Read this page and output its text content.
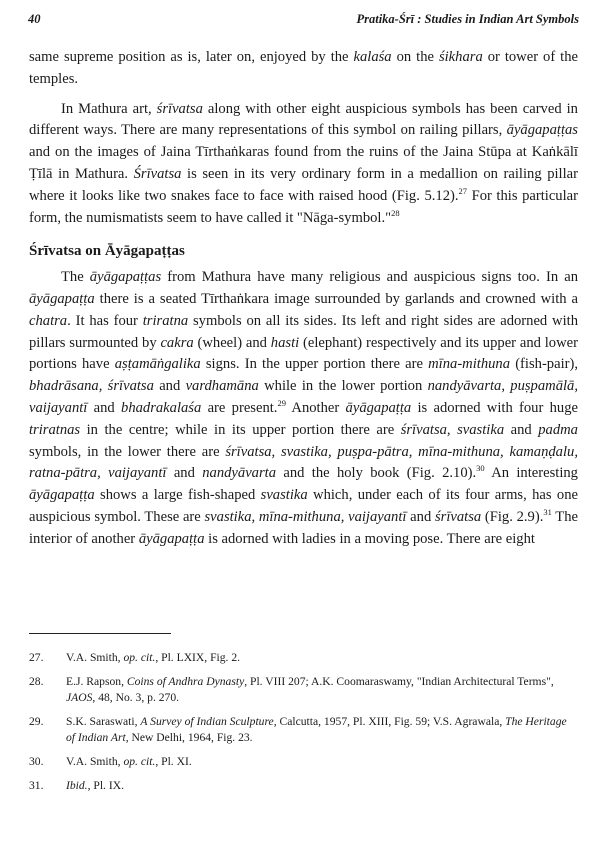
40	Pratika-Śrī : Studies in Indian Art Symbols

same supreme position as is, later on, enjoyed by the kalaśa on the śikhara or tower of the temples.

In Mathura art, śrīvatsa along with other eight auspicious symbols has been carved in different ways. There are many representations of this symbol on railing pillars, āyāgapaṭṭas and on the images of Jaina Tīrthaṅkaras found from the ruins of the Jaina Stūpa at Kaṅkālī Ṭīlā in Mathura. Śrīvatsa is seen in its very ordinary form in a medallion on railing pillar where it looks like two snakes face to face with raised hood (Fig. 5.12).$^{27}$ For this particular form, the numismatists seem to have called it "Nāga-symbol."$^{28}$

Śrīvatsa on Āyāgapaṭṭas

The āyāgapaṭṭas from Mathura have many religious and auspicious signs too. In an āyāgapaṭṭa there is a seated Tīrthaṅkara image surrounded by garlands and crowned with a chatra. It has four triratna symbols on all its sides. Its left and right sides are adorned with pillars surmounted by cakra (wheel) and hasti (elephant) respectively and its upper and lower portions have aṣṭamāṅgalika signs. In the upper portion there are mīna-mithuna (fish-pair), bhadrāsana, śrīvatsa and vardhamāna while in the lower portion nandyāvarta, puṣpamālā, vaijayantī and bhadrakalaśa are present.$^{29}$ Another āyāgapaṭṭa is adorned with four huge triratnas in the centre; while in its upper portion there are śrīvatsa, svastika and padma symbols, in the lower there are śrīvatsa, svastika, puṣpa-pātra, mīna-mithuna, kamaṇḍalu, ratna-pātra, vaijayantī and nandyāvarta and the holy book (Fig. 2.10).$^{30}$ An interesting āyāgapaṭṭa shows a large fish-shaped svastika which, under each of its four arms, has one auspicious symbol. These are svastika, mīna-mithuna, vaijayantī and śrīvatsa (Fig. 2.9).$^{31}$ The interior of another āyāgapaṭṭa is adorned with ladies in a moving pose. There are eight

27.	V.A. Smith, op. cit., Pl. LXIX, Fig. 2.
28.	E.J. Rapson, Coins of Andhra Dynasty, Pl. VIII 207; A.K. Coomaraswamy, "Indian Architectural Terms", JAOS, 48, No. 3, p. 270.
29.	S.K. Saraswati, A Survey of Indian Sculpture, Calcutta, 1957, Pl. XIII, Fig. 59; V.S. Agrawala, The Heritage of Indian Art, New Delhi, 1964, Fig. 23.
30.	V.A. Smith, op. cit., Pl. XI.
31.	Ibid., Pl. IX.
